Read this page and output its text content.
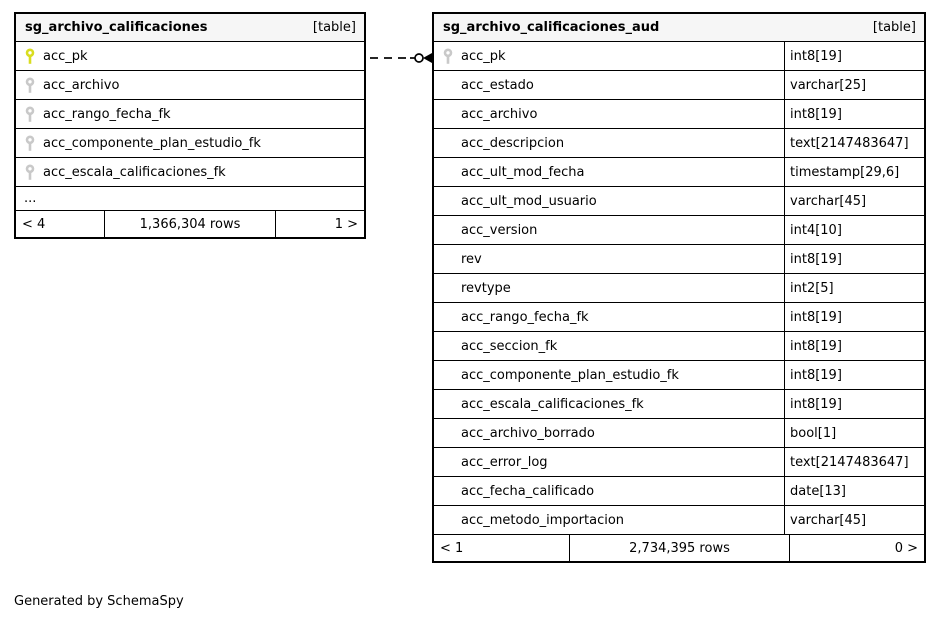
sg_archivo_calificaciones	[table]
acc_pk
acc_archivo
acc_rango_fecha_fk
acc_componente_plan_estudio_fk
acc_escala_calificaciones_fk
...
< 4	1,366,304 rows	1 >
sg_archivo_calificaciones_aud	[table]
acc_pk	int8[19]
acc_estado	varchar[25]
acc_archivo	int8[19]
acc_descripcion	text[2147483647]
acc_ult_mod_fecha	timestamp[29,6]
acc_ult_mod_usuario	varchar[45]
acc_version	int4[10]
rev	int8[19]
revtype	int2[5]
acc_rango_fecha_fk	int8[19]
acc_seccion_fk	int8[19]
acc_componente_plan_estudio_fk	int8[19]
acc_escala_calificaciones_fk	int8[19]
acc_archivo_borrado	bool[1]
acc_error_log	text[2147483647]
acc_fecha_calificado	date[13]
acc_metodo_importacion	varchar[45]
< 1	2,734,395 rows	0 >
Generated by SchemaSpy
